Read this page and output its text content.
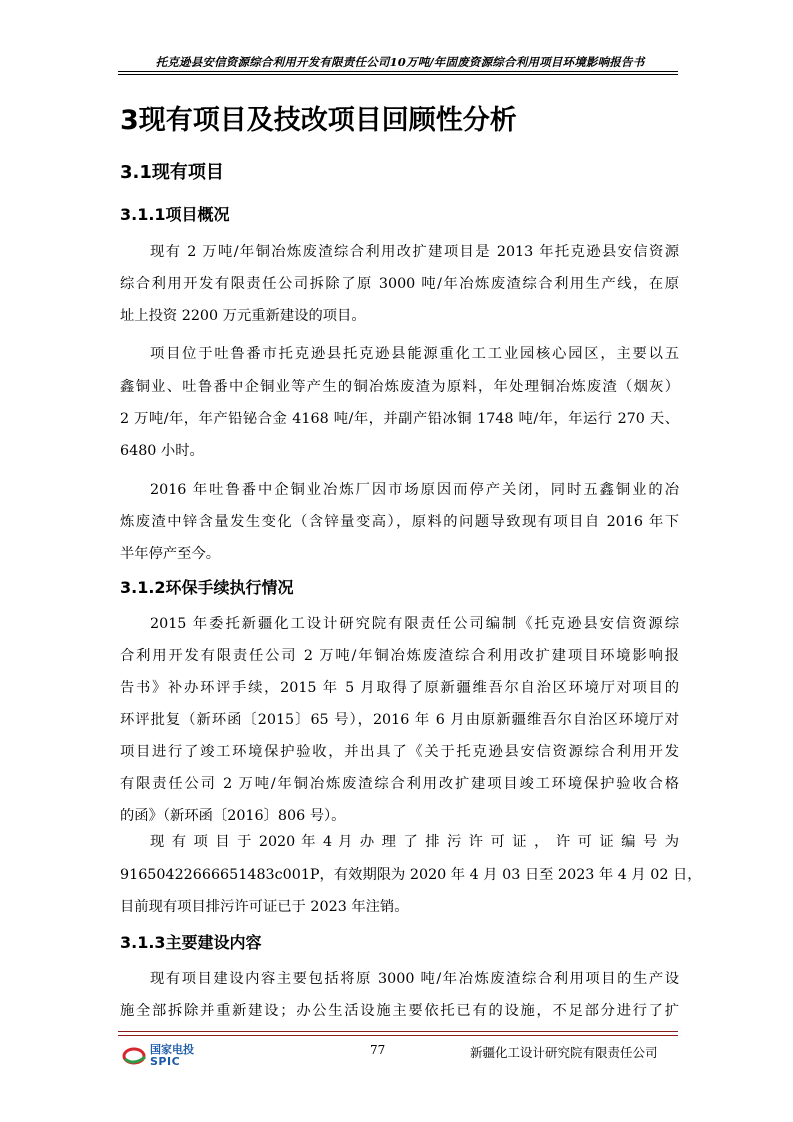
托克逊县安信资源综合利用开发有限责任公司10万吨/年固废资源综合利用项目环境影响报告书
3现有项目及技改项目回顾性分析
3.1现有项目
3.1.1项目概况
现有 2 万吨/年铜冶炼废渣综合利用改扩建项目是 2013 年托克逊县安信资源
综合利用开发有限责任公司拆除了原 3000 吨/年冶炼废渣综合利用生产线，在原
址上投资 2200 万元重新建设的项目。
项目位于吐鲁番市托克逊县托克逊县能源重化工工业园核心园区，主要以五
鑫铜业、吐鲁番中企铜业等产生的铜冶炼废渣为原料，年处理铜冶炼废渣（烟灰）
2 万吨/年，年产铅铋合金 4168 吨/年，并副产铅冰铜 1748 吨/年，年运行 270 天、
6480 小时。
2016 年吐鲁番中企铜业冶炼厂因市场原因而停产关闭，同时五鑫铜业的冶
炼废渣中锌含量发生变化（含锌量变高），原料的问题导致现有项目自 2016 年下
半年停产至今。
3.1.2环保手续执行情况
2015 年委托新疆化工设计研究院有限责任公司编制《托克逊县安信资源综
合利用开发有限责任公司 2 万吨/年铜冶炼废渣综合利用改扩建项目环境影响报
告书》补办环评手续，2015 年 5 月取得了原新疆维吾尔自治区环境厅对项目的
环评批复（新环函〔2015〕65 号），2016 年 6 月由原新疆维吾尔自治区环境厅对
项目进行了竣工环境保护验收，并出具了《关于托克逊县安信资源综合利用开发
有限责任公司 2 万吨/年铜冶炼废渣综合利用改扩建项目竣工环境保护验收合格
的函》（新环函〔2016〕806 号）。
现 有 项 目 于 2020 年 4 月 办 理 了 排 污 许 可 证 ， 许 可 证 编 号 为
91650422666651483c001P，有效期限为 2020 年 4 月 03 日至 2023 年 4 月 02 日，
目前现有项目排污许可证已于 2023 年注销。
3.1.3主要建设内容
现有项目建设内容主要包括将原 3000 吨/年冶炼废渣综合利用项目的生产设
施全部拆除并重新建设；办公生活设施主要依托已有的设施，不足部分进行了扩
国家电投
SPIC
77	新疆化工设计研究院有限责任公司
